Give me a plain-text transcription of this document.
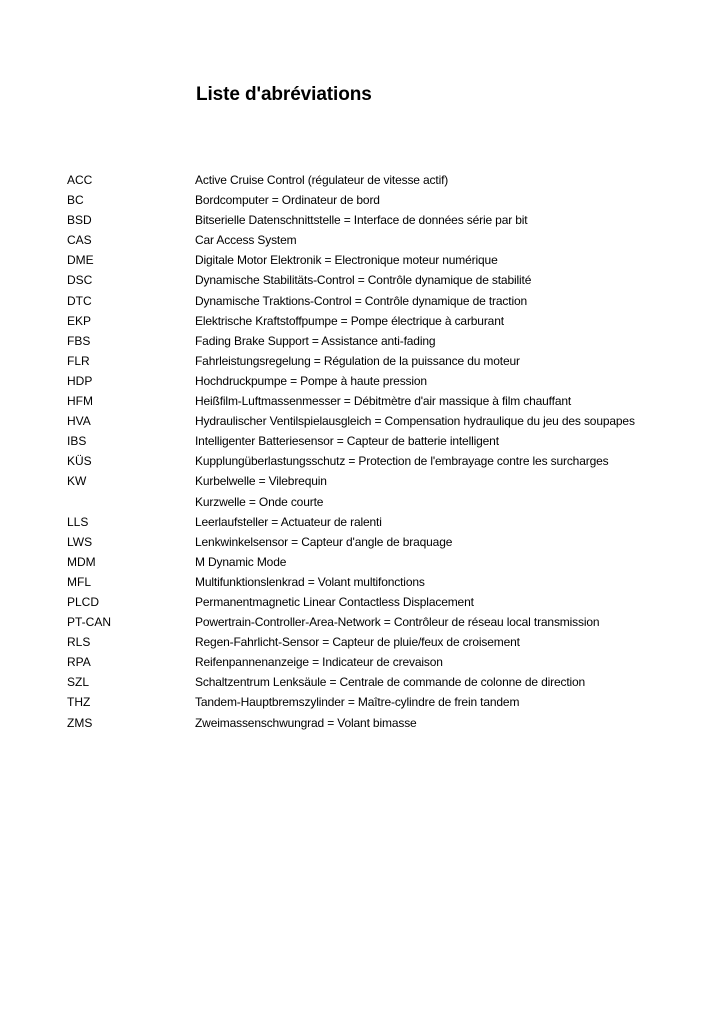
Liste d'abréviations
ACC	Active Cruise Control (régulateur de vitesse actif)
BC	Bordcomputer = Ordinateur de bord
BSD	Bitserielle Datenschnittstelle = Interface de données série par bit
CAS	Car Access System
DME	Digitale Motor Elektronik = Electronique moteur numérique
DSC	Dynamische Stabilitäts-Control = Contrôle dynamique de stabilité
DTC	Dynamische Traktions-Control = Contrôle dynamique de traction
EKP	Elektrische Kraftstoffpumpe = Pompe électrique à carburant
FBS	Fading Brake Support = Assistance anti-fading
FLR	Fahrleistungsregelung = Régulation de la puissance du moteur
HDP	Hochdruckpumpe = Pompe à haute pression
HFM	Heißfilm-Luftmassenmesser = Débitmètre d'air massique à film chauffant
HVA	Hydraulischer Ventilspielausgleich = Compensation hydraulique du jeu des soupapes
IBS	Intelligenter Batteriesensor = Capteur de batterie intelligent
KÜS	Kupplungüberlastungsschutz = Protection de l'embrayage contre les surcharges
KW	Kurbelwelle = Vilebrequin
Kurzwelle = Onde courte
LLS	Leerlaufsteller = Actuateur de ralenti
LWS	Lenkwinkelsensor = Capteur d'angle de braquage
MDM	M Dynamic Mode
MFL	Multifunktionslenkrad = Volant multifonctions
PLCD	Permanentmagnetic Linear Contactless Displacement
PT-CAN	Powertrain-Controller-Area-Network = Contrôleur de réseau local transmission
RLS	Regen-Fahrlicht-Sensor = Capteur de pluie/feux de croisement
RPA	Reifenpannenanzeige = Indicateur de crevaison
SZL	Schaltzentrum Lenksäule = Centrale de commande de colonne de direction
THZ	Tandem-Hauptbremszylinder = Maître-cylindre de frein tandem
ZMS	Zweimassenschwungrad = Volant bimasse
